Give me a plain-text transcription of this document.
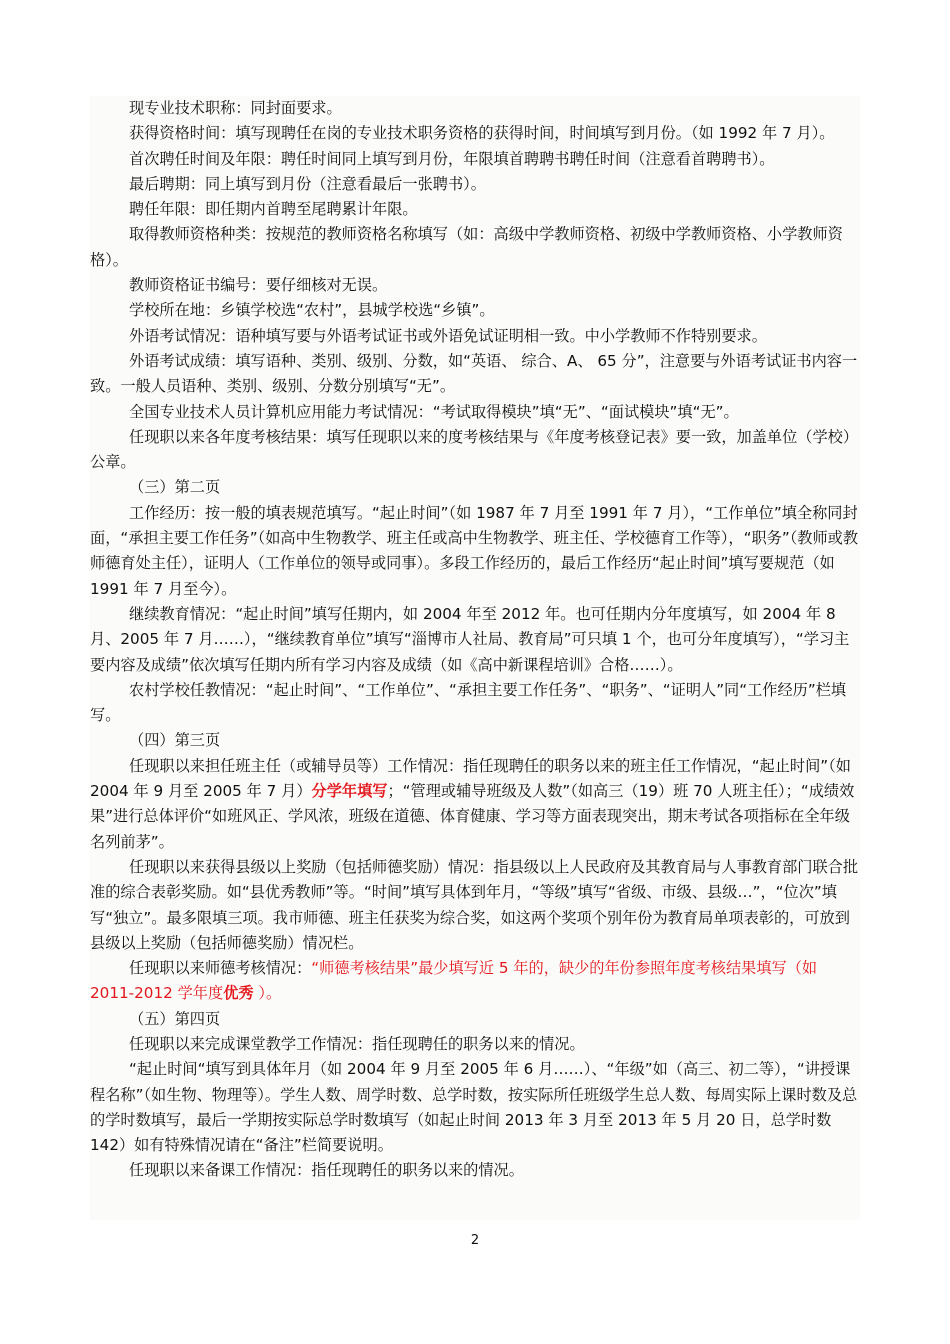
现专业技术职称：同封面要求。

获得资格时间：填写现聘任在岗的专业技术职务资格的获得时间，时间填写到月份。（如 1992 年 7 月）。

首次聘任时间及年限：聘任时间同上填写到月份，年限填首聘聘书聘任时间（注意看首聘聘书）。

最后聘期：同上填写到月份（注意看最后一张聘书）。

聘任年限：即任期内首聘至尾聘累计年限。

取得教师资格种类：按规范的教师资格名称填写（如：高级中学教师资格、初级中学教师资格、小学教师资格）。

教师资格证书编号：要仔细核对无误。

学校所在地：乡镇学校选“农村”，县城学校选“乡镇”。

外语考试情况：语种填写要与外语考试证书或外语免试证明相一致。中小学教师不作特别要求。

外语考试成绩：填写语种、类别、级别、分数，如“英语、 综合、A、 65 分”，注意要与外语考试证书内容一致。一般人员语种、类别、级别、分数分别填写“无”。

全国专业技术人员计算机应用能力考试情况：“考试取得模块”填“无”、“面试模块”填“无”。

任现职以来各年度考核结果：填写任现职以来的度考核结果与《年度考核登记表》要一致，加盖单位（学校）公章。

（三）第二页

工作经历：按一般的填表规范填写。“起止时间”（如 1987 年 7 月至 1991 年 7 月），“工作单位”填全称同封面，“承担主要工作任务”（如高中生物教学、班主任或高中生物教学、班主任、学校德育工作等），“职务”（教师或教师德育处主任），证明人（工作单位的领导或同事）。多段工作经历的，最后工作经历“起止时间”填写要规范（如 1991 年 7 月至今）。

继续教育情况：“起止时间”填写任期内，如 2004 年至 2012 年。也可任期内分年度填写，如 2004 年 8 月、2005 年 7 月……），“继续教育单位”填写“淄博市人社局、教育局”可只填 1 个，也可分年度填写），“学习主要内容及成绩”依次填写任期内所有学习内容及成绩（如《高中新课程培训》合格……）。

农村学校任教情况：“起止时间”、“工作单位”、“承担主要工作任务”、“职务”、“证明人”同“工作经历”栏填写。

（四）第三页

任现职以来担任班主任（或辅导员等）工作情况：指任现聘任的职务以来的班主任工作情况，“起止时间”（如 2004 年 9 月至 2005 年 7 月）分学年填写；“管理或辅导班级及人数”（如高三（19）班 70 人班主任）；“成绩效果”进行总体评价“如班风正、学风浓，班级在道德、体育健康、学习等方面表现突出，期末考试各项指标在全年级名列前茅”。

任现职以来获得县级以上奖励（包括师德奖励）情况：指县级以上人民政府及其教育局与人事教育部门联合批准的综合表彰奖励。如“县优秀教师”等。“时间”填写具体到年月，“等级”填写“省级、市级、县级…”，“位次”填写“独立”。最多限填三项。我市师德、班主任获奖为综合奖，如这两个奖项个别年份为教育局单项表彰的，可放到县级以上奖励（包括师德奖励）情况栏。

任现职以来师德考核情况：“师德考核结果”最少填写近 5 年的，缺少的年份参照年度考核结果填写（如 2011-2012 学年度优秀 ）。

（五）第四页

任现职以来完成课堂教学工作情况：指任现聘任的职务以来的情况。

“起止时间“填写到具体年月（如 2004 年 9 月至 2005 年 6 月……）、“年级”如（高三、初二等），“讲授课程名称”（如生物、物理等）。学生人数、周学时数、总学时数，按实际所任班级学生总人数、每周实际上课时数及总的学时数填写，最后一学期按实际总学时数填写（如起止时间 2013 年 3 月至 2013 年 5 月 20 日，总学时数 142）如有特殊情况请在“备注”栏简要说明。

任现职以来备课工作情况：指任现聘任的职务以来的情况。

2
